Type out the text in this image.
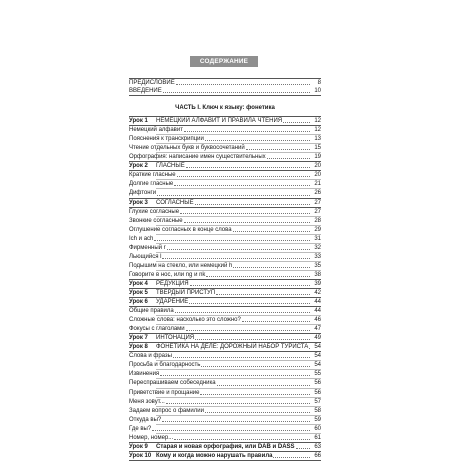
СОДЕРЖАНИЕ
ПРЕДИСЛОВИЕ	8
ВВЕДЕНИЕ	10
ЧАСТЬ I. Ключ к языку: фонетика
Урок 1	НЕМЕЦКИЙ АЛФАВИТ И ПРАВИЛА ЧТЕНИЯ	12
Немецкий алфавит	12
Пояснения к транскрипции	13
Чтение отдельных букв и буквосочетаний	15
Орфография: написание имен существительных	19
Урок 2	ГЛАСНЫЕ	20
Краткие гласные	20
Долгие гласные	21
Дифтонги	26
Урок 3	СОГЛАСНЫЕ	27
Глухие согласные	27
Звонкие согласные	28
Оглушение согласных в конце слова	29
Ich и ach	31
Фирменный r	32
Льющийся l	33
Подышим на стекло, или немецкий h	35
Говорите в нос, или ng и nk	38
Урок 4	РЕДУКЦИЯ	39
Урок 5	ТВЕРДЫЙ ПРИСТУП	42
Урок 6	УДАРЕНИЕ	44
Общие правила	44
Сложные слова: насколько это сложно?	46
Фокусы с глаголами	47
Урок 7	ИНТОНАЦИЯ	49
Урок 8	ФОНЕТИКА НА ДЕЛЕ: ДОРОЖНЫЙ НАБОР ТУРИСТА	54
Слова и фразы	54
Просьба и благодарность	54
Извинения	55
Переспрашиваем собеседника	56
Приветствие и прощание	56
Меня зовут...	57
Задаем вопрос о фамилии	58
Откуда вы?	59
Где вы?	60
Номер, номер...	61
Урок 9	Старая и новая орфография, или DAB и DASS	63
Урок 10 Кому и когда можно нарушать правила	66
